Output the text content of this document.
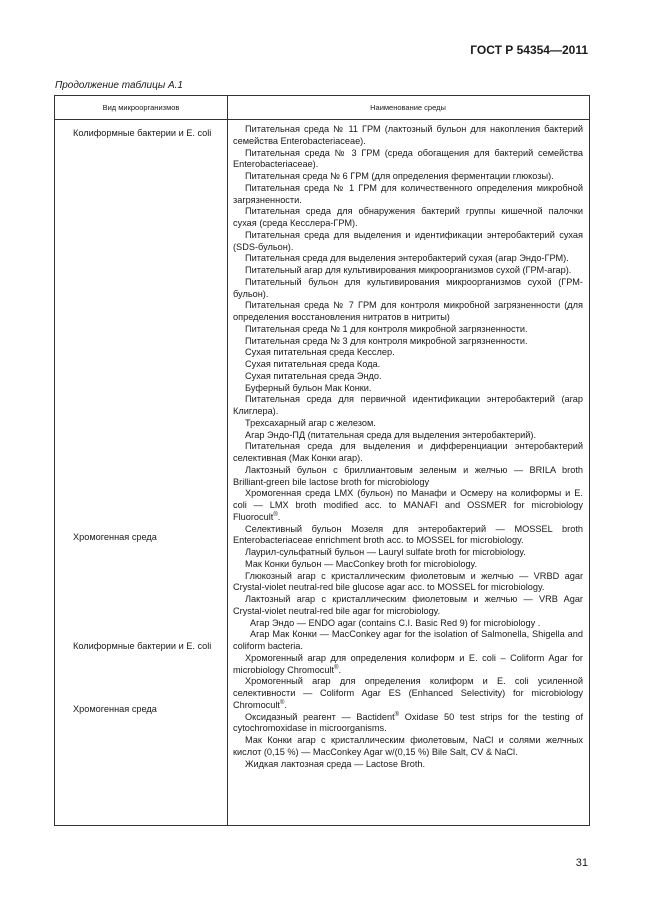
ГОСТ Р 54354—2011
Продолжение таблицы А.1
Вид микроорганизмов	Наименование среды

Колиформные бактерии и E. coli

Хромогенная среда

Колиформные бактерии и E. coli

Хромогенная среда

Питательная среда № 11 ГРМ (лактозный бульон для накопления бактерий семейства Enterobacteriaceae).

Питательная среда № 3 ГРМ (среда обогащения для бактерий семейства Enterobacteriaceae).

Питательная среда № 6 ГРМ (для определения ферментации глюкозы).

Питательная среда № 1 ГРМ для количественного определения микробной загрязненности.

Питательная среда для обнаружения бактерий группы кишечной палочки сухая (среда Кесслера-ГРМ).

Питательная среда для выделения и идентификации энтеробактерий сухая (SDS-бульон).

Питательная среда для выделения энтеробактерий сухая (агар Эндо-ГРМ).

Питательный агар для культивирования микроорганизмов сухой (ГРМ-агар).

Питательный бульон для культивирования микроорганизмов сухой (ГРМ-бульон).

Питательная среда № 7 ГРМ для контроля микробной загрязненности (для определения восстановления нитратов в нитриты)

Питательная среда № 1 для контроля микробной загрязненности.

Питательная среда № 3 для контроля микробной загрязненности.

Сухая питательная среда Кесслер.

Сухая питательная среда Кода.

Сухая питательная среда Эндо.

Буферный бульон Мак Конки.

Питательная среда для первичной идентификации энтеробактерий (агар Клиглера).

Трехсахарный агар с железом.

Агар Эндо-ПД (питательная среда для выделения энтеробактерий).

Питательная среда для выделения и дифференциации энтеробактерий селективная (Мак Конки агар).

Лактозный бульон с бриллиантовым зеленым и желчью — BRILA broth Brilliant-green bile lactose broth for microbiology

Хромогенная среда LMX (бульон) по Манафи и Осмеру на колиформы и E. coli — LMX broth modified acc. to MANAFI and OSSMER for microbiology Fluorocult®.

Селективный бульон Мозеля для энтеробактерий — MOSSEL broth Enterobacteriaceae enrichment broth acc. to MOSSEL for microbiology.

Лаурил-сульфатный бульон — Lauryl sulfate broth for microbiology.

Мак Конки бульон — MacConkey broth for microbiology.

Глюкозный агар с кристаллическим фиолетовым и желчью — VRBD agar Crystal-violet neutral-red bile glucose agar acc. to MOSSEL for microbiology.

Лактозный агар с кристаллическим фиолетовым и желчью — VRB Agar Crystal-violet neutral-red bile agar for microbiology.

Агар Эндо — ENDO agar (contains C.I. Basic Red 9) for microbiology .

Агар Мак Конки — MacConkey agar for the isolation of Salmonella, Shigella and coliform bacteria.

Хромогенный агар для определения колиформ и E. coli – Coliform Agar for microbiology Chromocult®.

Хромогенный агар для определения колиформ и E. coli усиленной селективности — Coliform Agar ES (Enhanced Selectivity) for microbiology Chromocult®.

Оксидазный реагент — Bactident® Oxidase 50 test strips for the testing of cytochromoxidase in microorganisms.

Мак Конки агар с кристаллическим фиолетовым, NaCl и солями желчных кислот (0,15 %) — MacConkey Agar w/(0,15 %) Bile Salt, CV & NaCl.

Жидкая лактозная среда — Lactose Broth.

31
